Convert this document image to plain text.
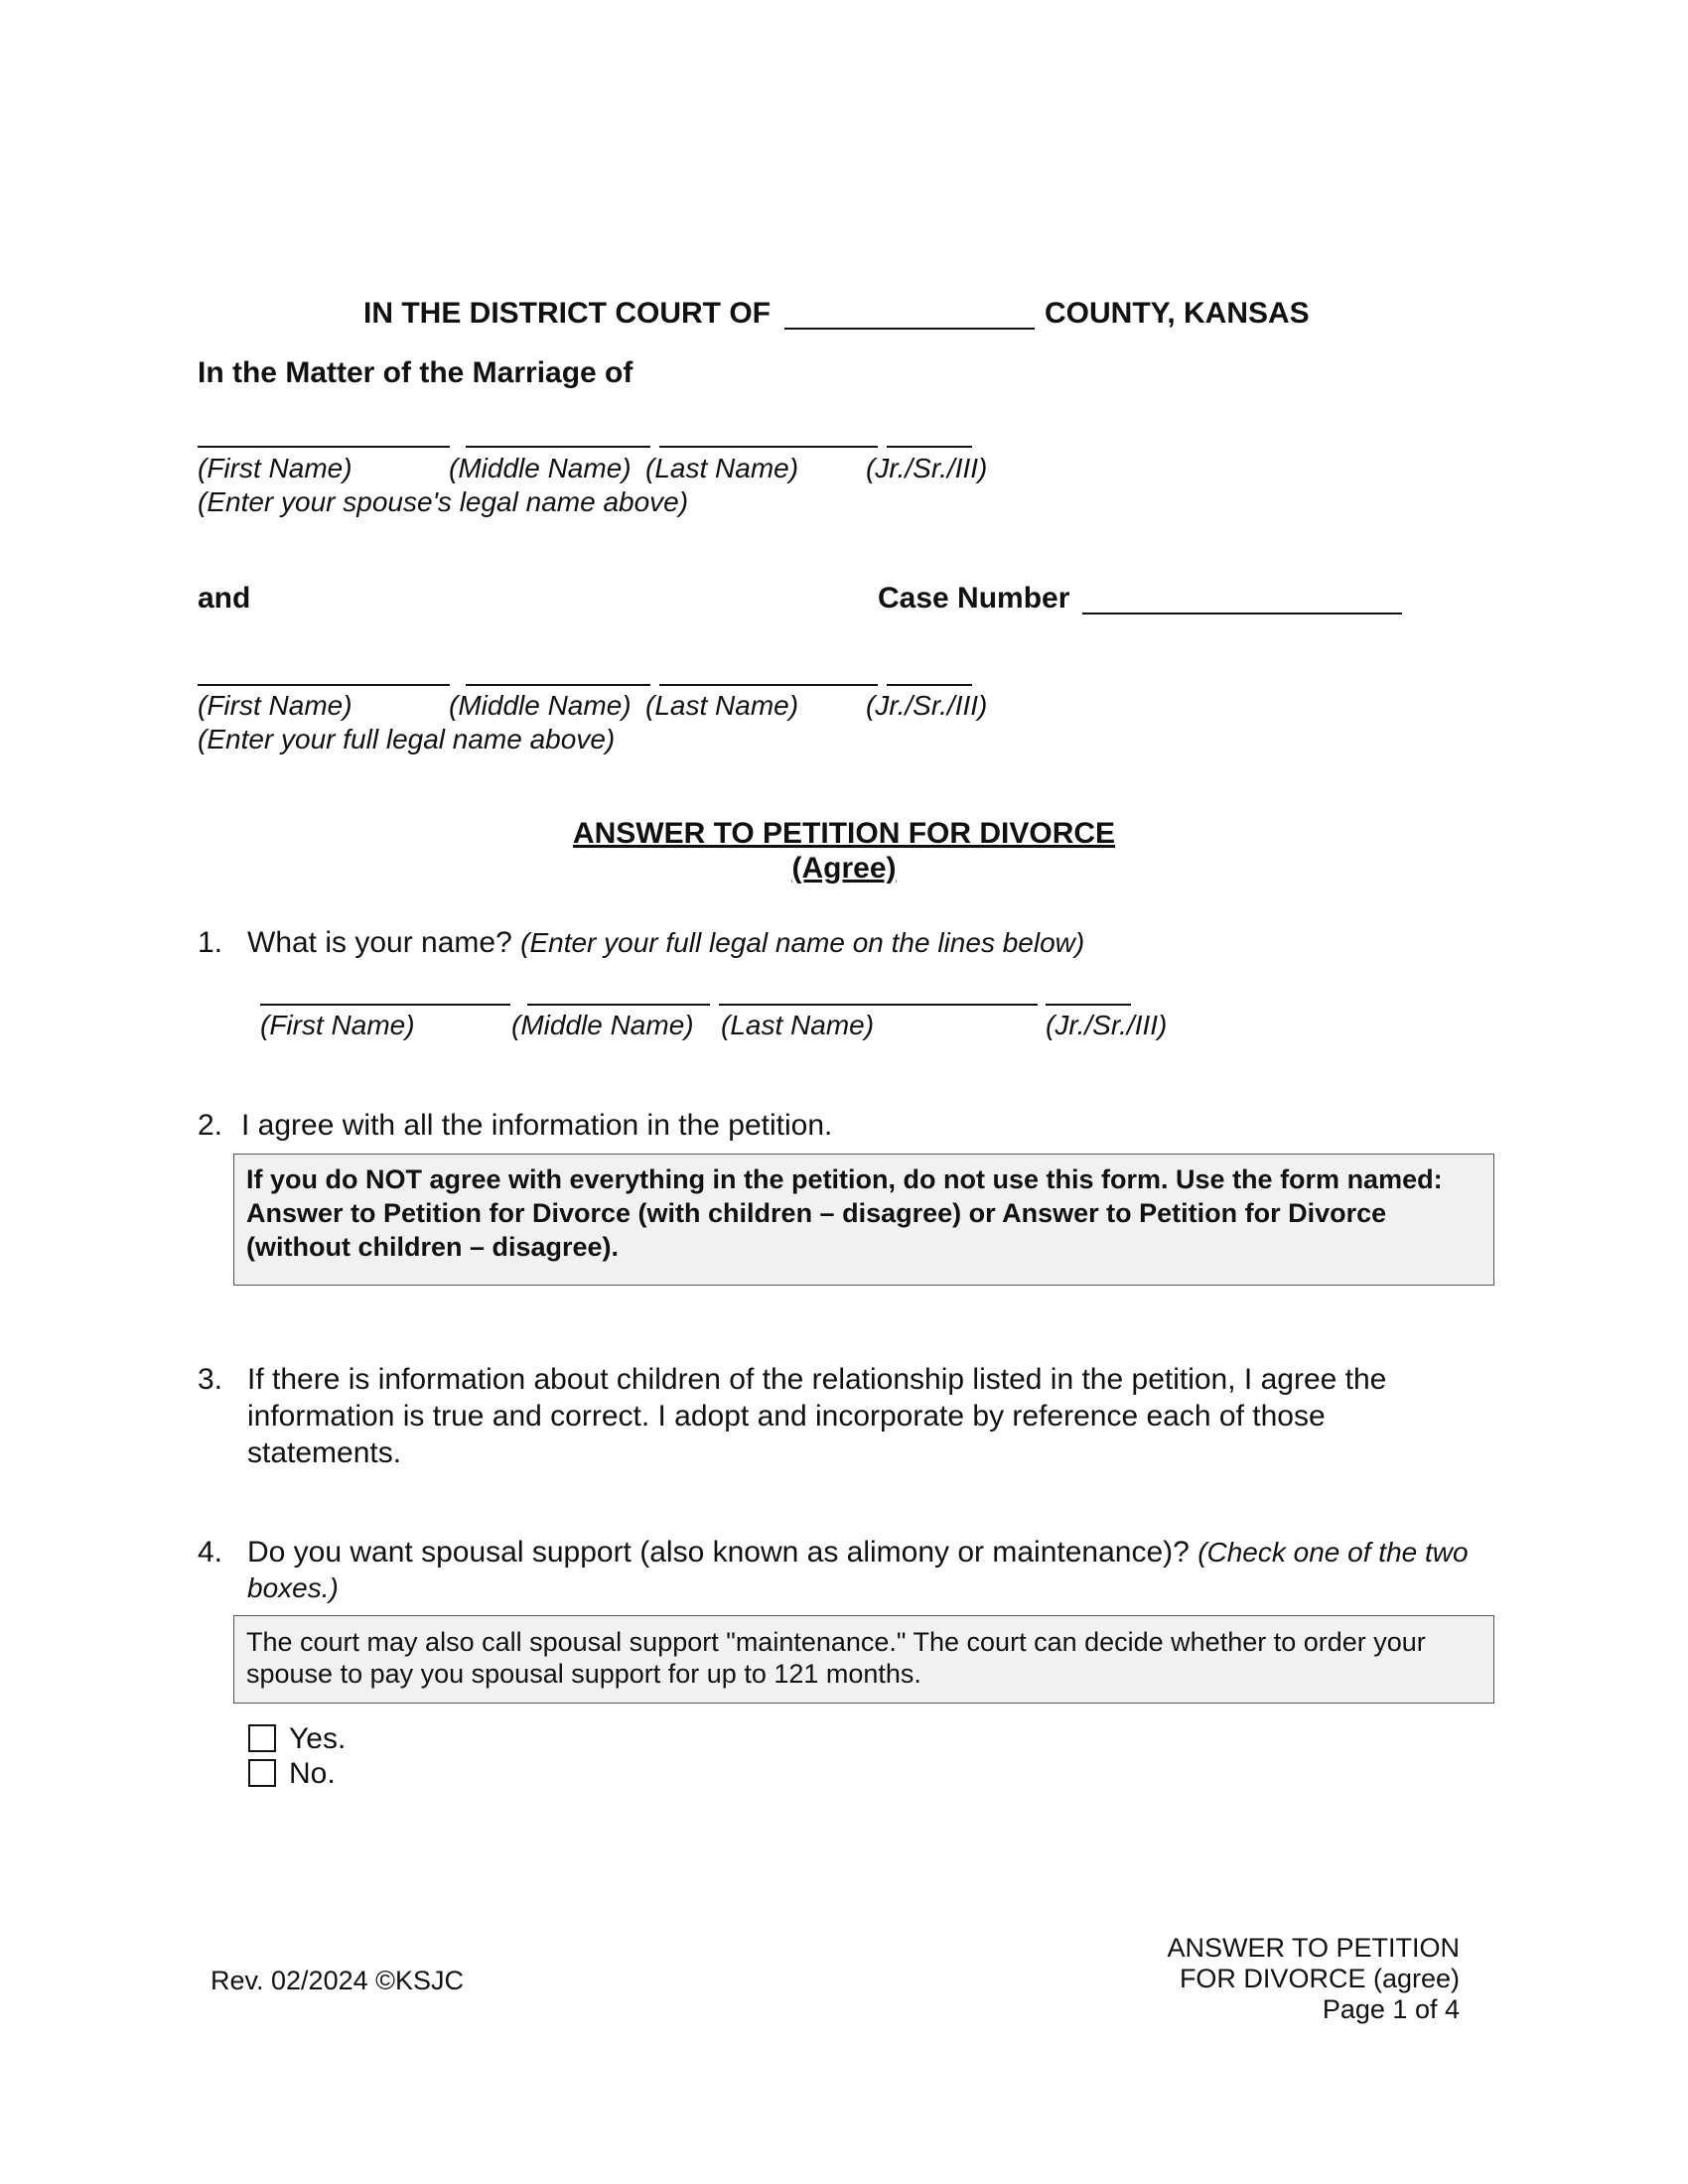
IN THE DISTRICT COURT OF	COUNTY, KANSAS
In the Matter of the Marriage of
(First Name)	(Middle Name) (Last Name) (Jr./Sr./III)
(Enter your spouse's legal name above)
and	Case Number
(First Name)	(Middle Name) (Last Name) (Jr./Sr./III)
(Enter your full legal name above)
ANSWER TO PETITION FOR DIVORCE
(Agree)
1. What is your name? (Enter your full legal name on the lines below)
(First Name)	(Middle Name) (Last Name)	(Jr./Sr./III)
2. I agree with all the information in the petition.
If you do NOT agree with everything in the petition, do not use this form. Use the form named:
Answer to Petition for Divorce (with children – disagree) or Answer to Petition for Divorce
(without children – disagree).
3. If there is information about children of the relationship listed in the petition, I agree the
information is true and correct. I adopt and incorporate by reference each of those
statements.
4. Do you want spousal support (also known as alimony or maintenance)? (Check one of the two
boxes.)
The court may also call spousal support "maintenance." The court can decide whether to order your
spouse to pay you spousal support for up to 121 months.
Yes.
No.
Rev. 02/2024 ©KSJC
ANSWER TO PETITION
FOR DIVORCE (agree)
Page 1 of 4
